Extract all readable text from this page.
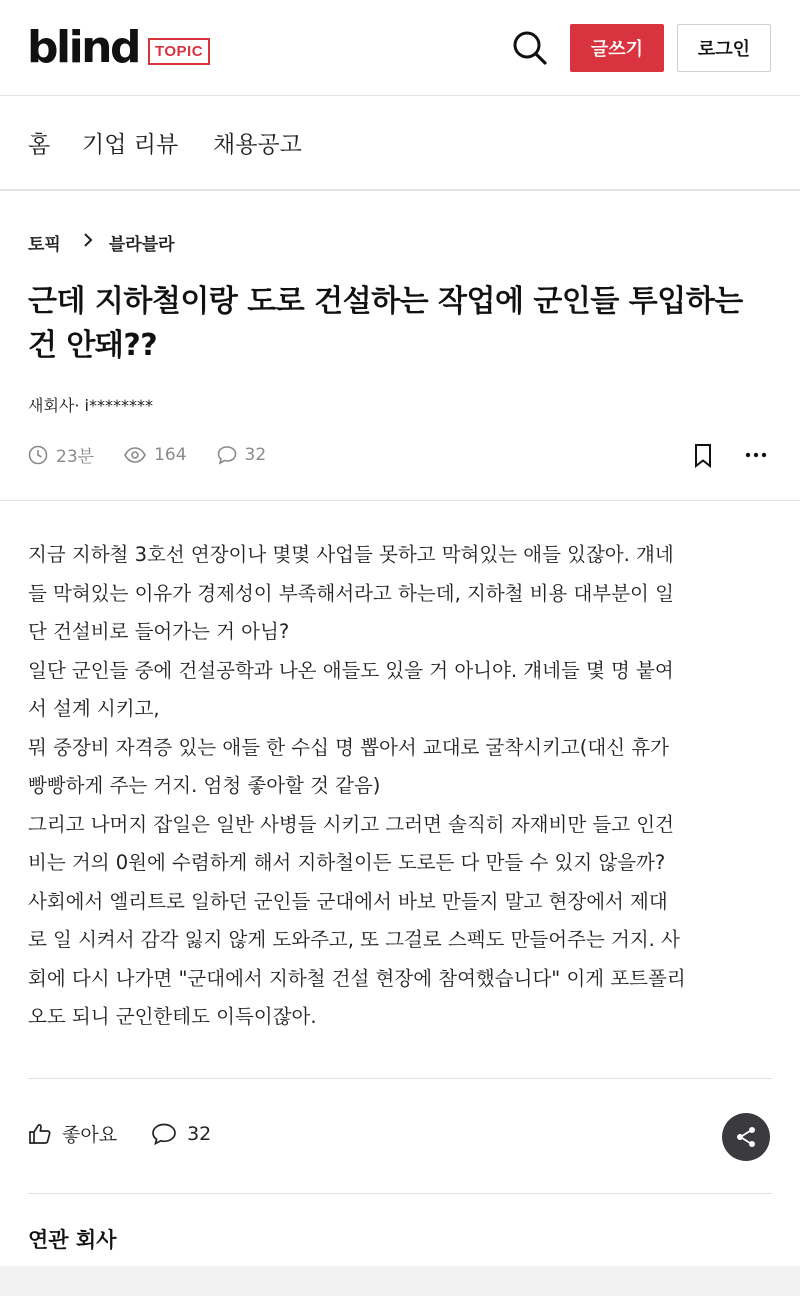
blind	TOPIC	글쓰기	로그인
홈 기업 리뷰 채용공고
토픽	블라블라
근데 지하철이랑 도로 건설하는 작업에 군인들 투입하는 건 안돼??
새회사· i********
23분	164	32
지금 지하철 3호선 연장이나 몇몇 사업들 못하고 막혀있는 애들 있잖아. 걔네
들 막혀있는 이유가 경제성이 부족해서라고 하는데, 지하철 비용 대부분이 일
단 건설비로 들어가는 거 아님?
일단 군인들 중에 건설공학과 나온 애들도 있을 거 아니야. 걔네들 몇 명 붙여
서 설계 시키고,
뭐 중장비 자격증 있는 애들 한 수십 명 뽑아서 교대로 굴착시키고(대신 휴가
빵빵하게 주는 거지. 엄청 좋아할 것 같음)
그리고 나머지 잡일은 일반 사병들 시키고 그러면 솔직히 자재비만 들고 인건
비는 거의 0원에 수렴하게 해서 지하철이든 도로든 다 만들 수 있지 않을까?
사회에서 엘리트로 일하던 군인들 군대에서 바보 만들지 말고 현장에서 제대
로 일 시켜서 감각 잃지 않게 도와주고, 또 그걸로 스펙도 만들어주는 거지. 사
회에 다시 나가면 "군대에서 지하철 건설 현장에 참여했습니다" 이게 포트폴리
오도 되니 군인한테도 이득이잖아.
좋아요	32
연관 회사
